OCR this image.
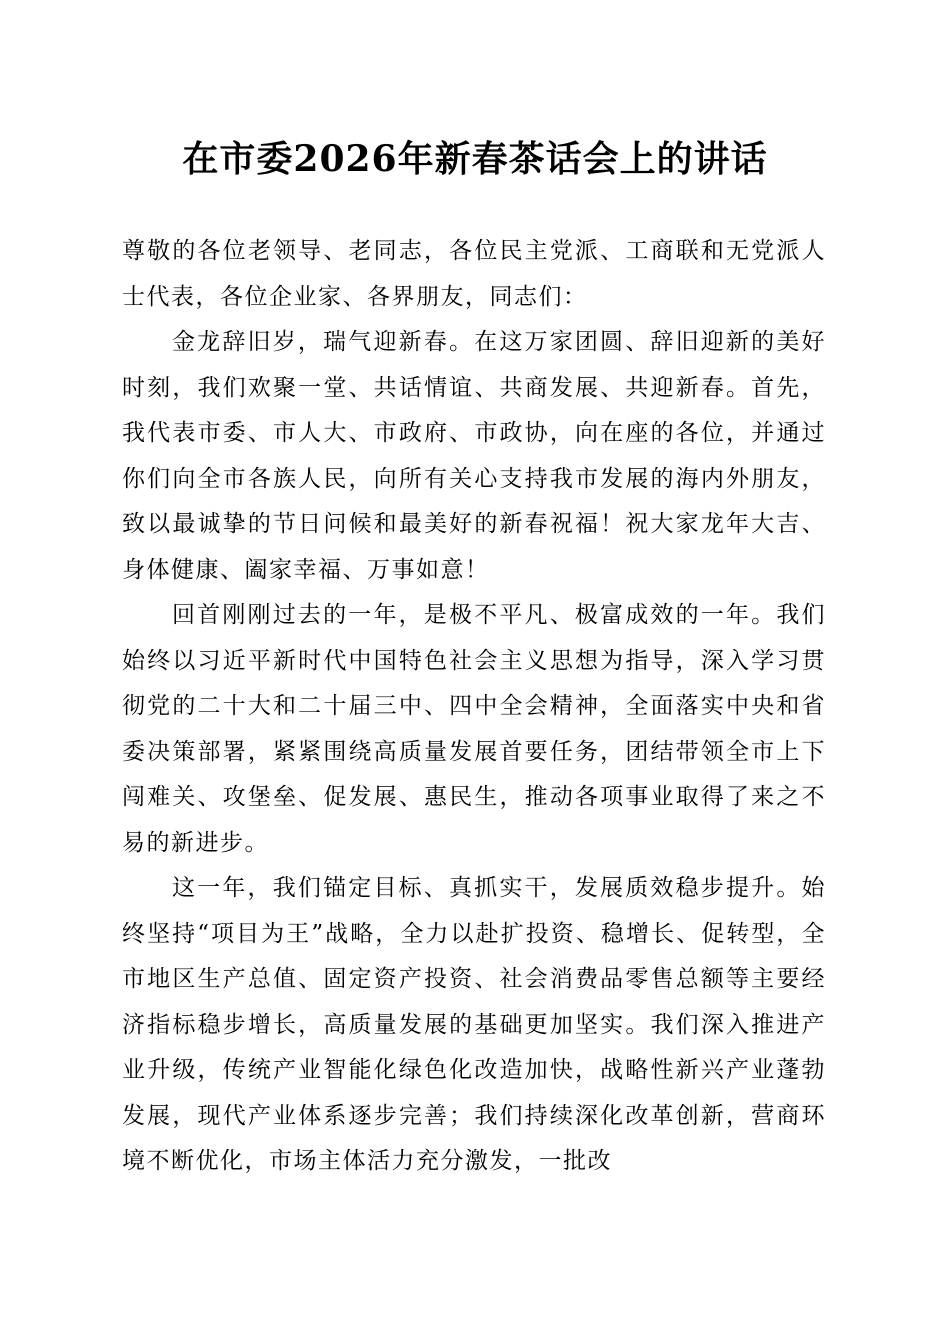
在市委2026年新春茶话会上的讲话

尊敬的各位老领导、老同志，各位民主党派、工商联和无党派人士代表，各位企业家、各界朋友，同志们：

金龙辞旧岁，瑞气迎新春。在这万家团圆、辞旧迎新的美好时刻，我们欢聚一堂、共话情谊、共商发展、共迎新春。首先，我代表市委、市人大、市政府、市政协，向在座的各位，并通过你们向全市各族人民，向所有关心支持我市发展的海内外朋友，致以最诚挚的节日问候和最美好的新春祝福！祝大家龙年大吉、身体健康、阖家幸福、万事如意！

回首刚刚过去的一年，是极不平凡、极富成效的一年。我们始终以习近平新时代中国特色社会主义思想为指导，深入学习贯彻党的二十大和二十届三中、四中全会精神，全面落实中央和省委决策部署，紧紧围绕高质量发展首要任务，团结带领全市上下闯难关、攻堡垒、促发展、惠民生，推动各项事业取得了来之不易的新进步。

这一年，我们锚定目标、真抓实干，发展质效稳步提升。始终坚持“项目为王”战略，全力以赴扩投资、稳增长、促转型，全市地区生产总值、固定资产投资、社会消费品零售总额等主要经济指标稳步增长，高质量发展的基础更加坚实。我们深入推进产业升级，传统产业智能化绿色化改造加快，战略性新兴产业蓬勃发展，现代产业体系逐步完善；我们持续深化改革创新，营商环境不断优化，市场主体活力充分激发，一批改
